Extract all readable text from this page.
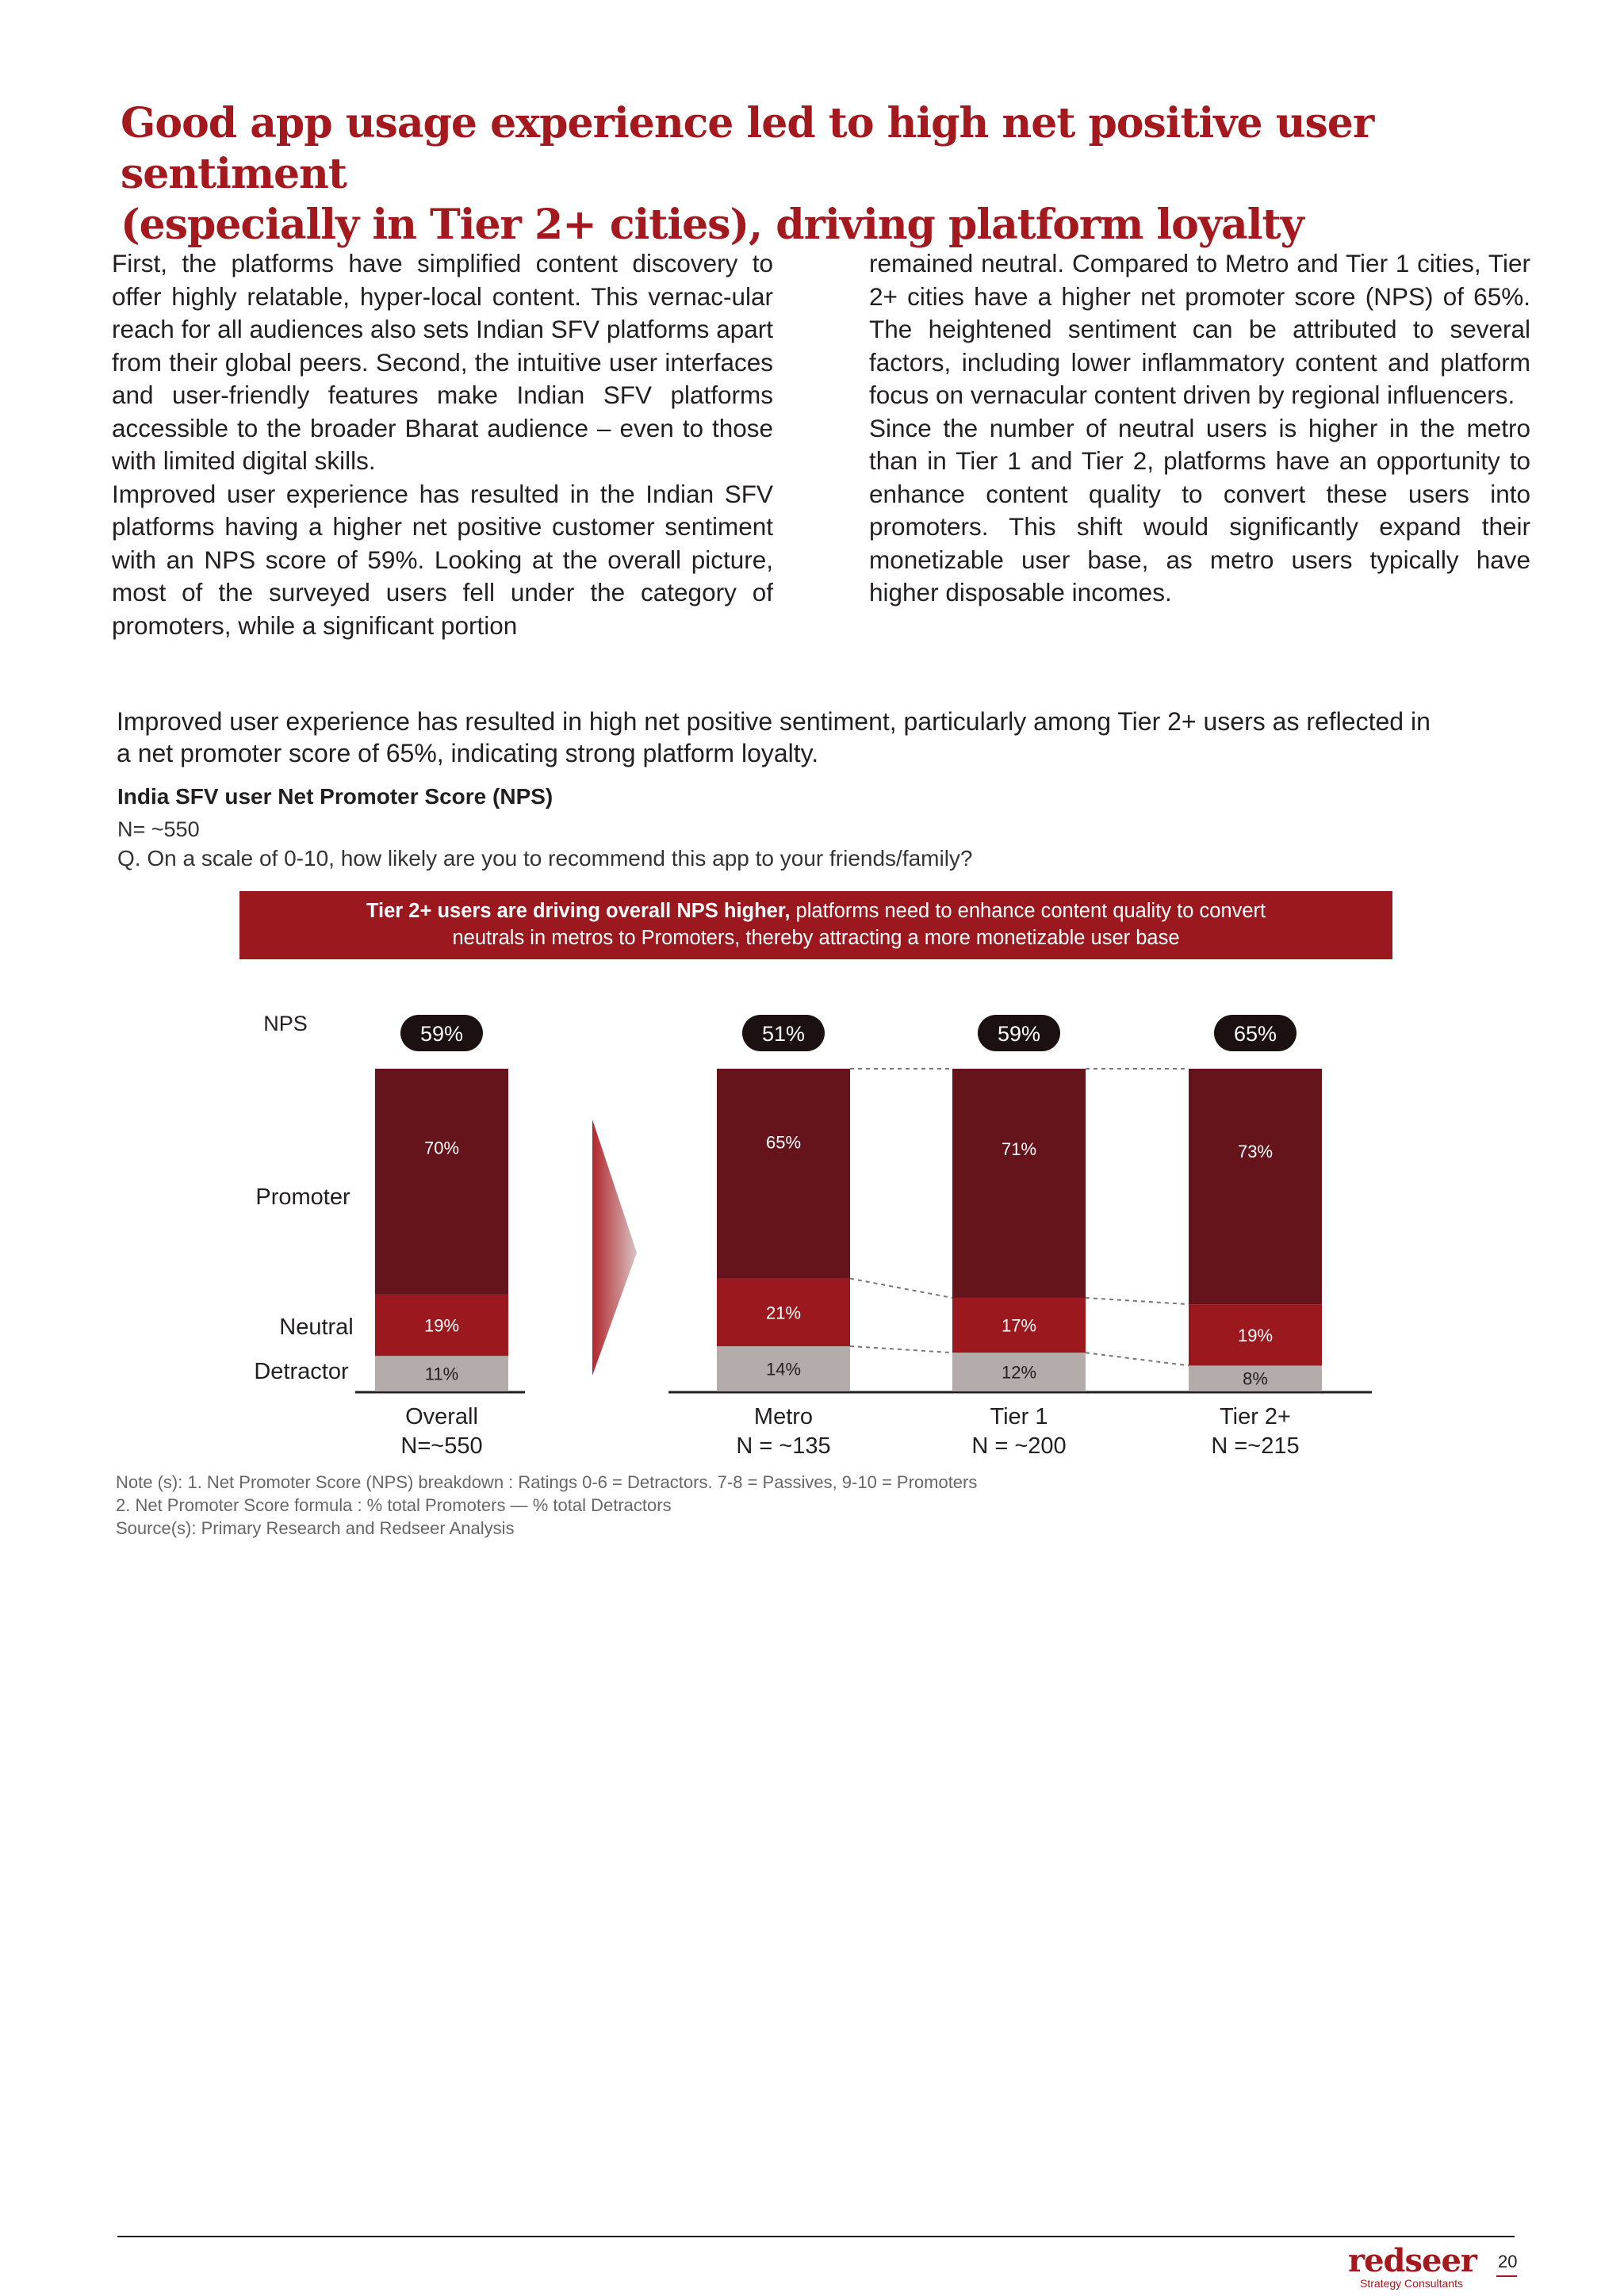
Good app usage experience led to high net positive user sentiment
(especially in Tier 2+ cities), driving platform loyalty

First, the platforms have simplified content discovery to offer highly relatable, hyper-local content. This vernac-ular reach for all audiences also sets Indian SFV platforms apart from their global peers. Second, the intuitive user interfaces and user-friendly features make Indian SFV platforms accessible to the broader Bharat audience – even to those with limited digital skills.

Improved user experience has resulted in the Indian SFV platforms having a higher net positive customer sentiment with an NPS score of 59%. Looking at the overall picture, most of the surveyed users fell under the category of promoters, while a significant portion

remained neutral. Compared to Metro and Tier 1 cities, Tier 2+ cities have a higher net promoter score (NPS) of 65%. The heightened sentiment can be attributed to several factors, including lower inflammatory content and platform focus on vernacular content driven by regional influencers.

Since the number of neutral users is higher in the metro than in Tier 1 and Tier 2, platforms have an opportunity to enhance content quality to convert these users into promoters. This shift would significantly expand their monetizable user base, as metro users typically have higher disposable incomes.

Improved user experience has resulted in high net positive sentiment, particularly among Tier 2+ users as reflected in

a net promoter score of 65%, indicating strong platform loyalty.

India SFV user Net Promoter Score (NPS)
N= ~550
Q. On a scale of 0-10, how likely are you to recommend this app to your friends/family?
Tier 2+ users are driving overall NPS higher, platforms need to enhance content quality to convert
neutrals in metros to Promoters, thereby attracting a more monetizable user base
NPS
Promoter
Neutral
Detractor	11%
19%
70%
59%
Overall
N=~550
14%
21%
65%
51%
Metro
N = ~135
12%
17%
71%
59%
Tier 1
N = ~200
8%
19%
73%
65%
Tier 2+
N =~215
Note (s): 1. Net Promoter Score (NPS) breakdown : Ratings 0-6 = Detractors. 7-8 = Passives, 9-10 = Promoters
2. Net Promoter Score formula : % total Promoters — % total Detractors
Source(s): Primary Research and Redseer Analysis
redseer
Strategy Consultants
20
